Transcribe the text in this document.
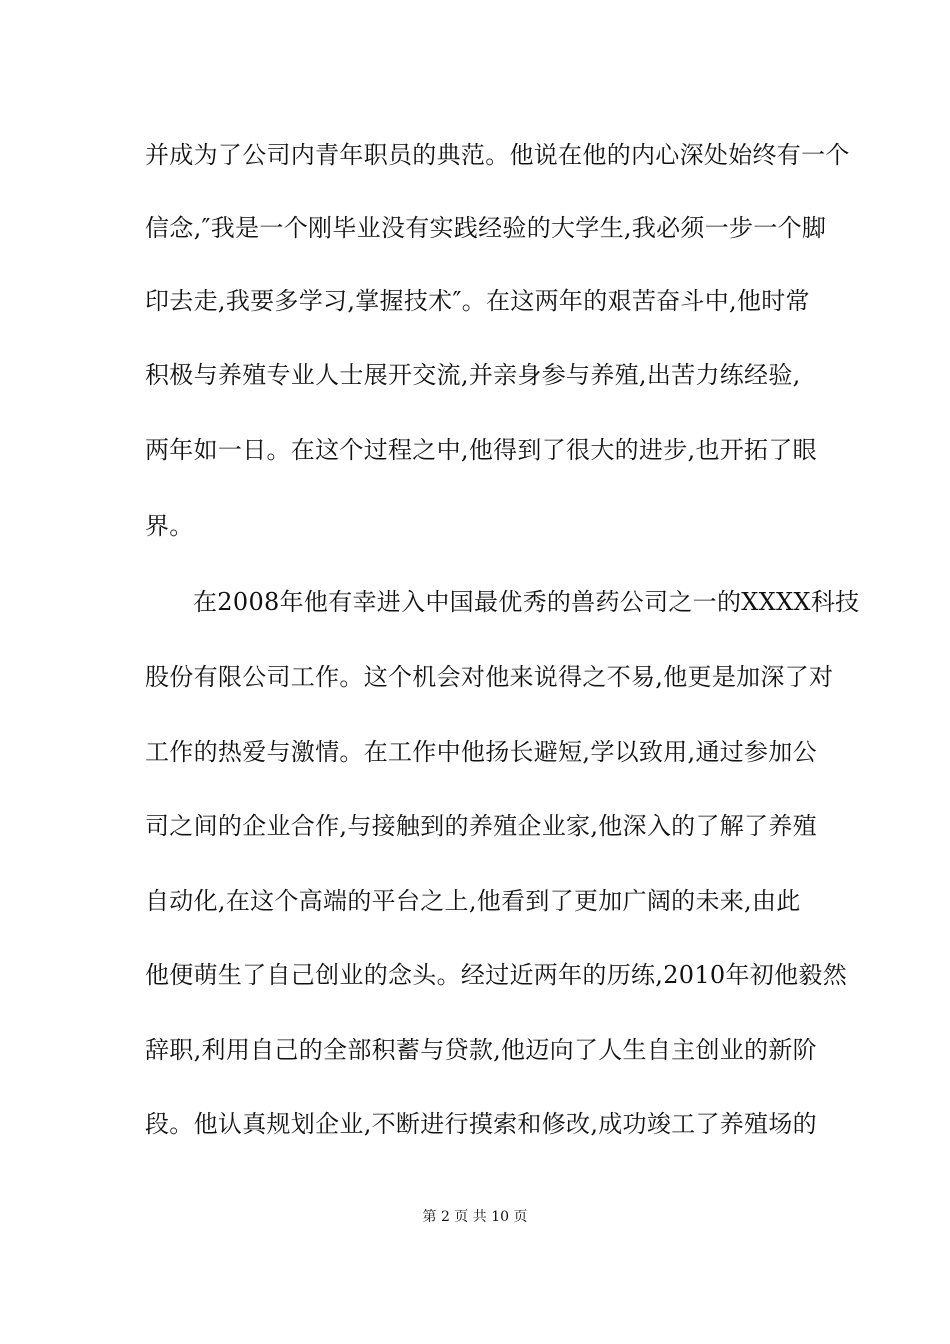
并成为了公司内青年职员的典范。他说在他的内心深处始终有一个
信念,″我是一个刚毕业没有实践经验的大学生,我必须一步一个脚
印去走,我要多学习,掌握技术″。在这两年的艰苦奋斗中,他时常
积极与养殖专业人士展开交流,并亲身参与养殖,出苦力练经验,
两年如一日。在这个过程之中,他得到了很大的进步,也开拓了眼
界。
在2008年他有幸进入中国最优秀的兽药公司之一的XXXX科技
股份有限公司工作。这个机会对他来说得之不易,他更是加深了对
工作的热爱与激情。在工作中他扬长避短,学以致用,通过参加公
司之间的企业合作,与接触到的养殖企业家,他深入的了解了养殖
自动化,在这个高端的平台之上,他看到了更加广阔的未来,由此
他便萌生了自己创业的念头。经过近两年的历练,2010年初他毅然
辞职,利用自己的全部积蓄与贷款,他迈向了人生自主创业的新阶
段。他认真规划企业,不断进行摸索和修改,成功竣工了养殖场的
第 2 页 共 10 页
